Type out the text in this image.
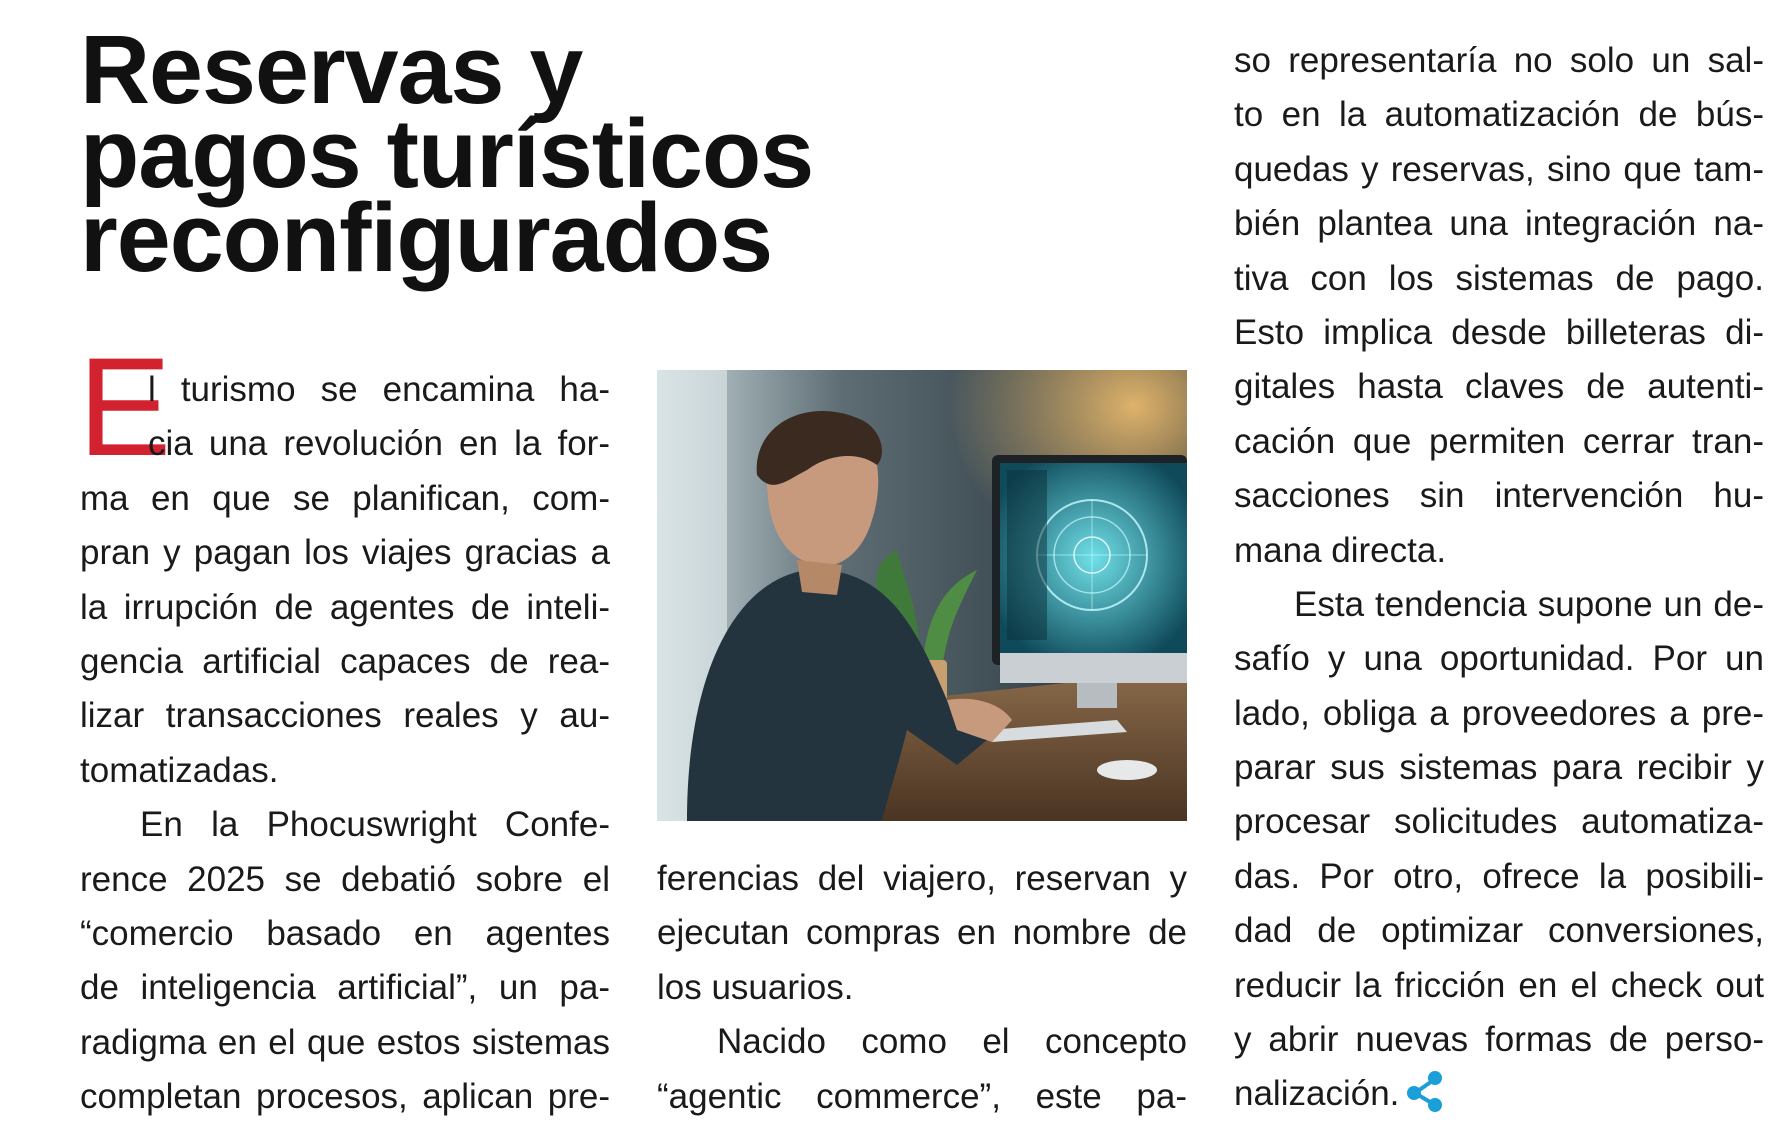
Reservas y
pagos turísticos
reconfigurados
E
l turismo se encamina ha-
cia una revolución en la for-
ma en que se planifican, com-
pran y pagan los viajes gracias a
la irrupción de agentes de inteli-
gencia artificial capaces de rea-
lizar transacciones reales y au-
tomatizadas.
En la Phocuswright Confe-
rence 2025 se debatió sobre el
“comercio basado en agentes
de inteligencia artificial”, un pa-
radigma en el que estos sistemas
completan procesos, aplican pre-
ferencias del viajero, reservan y
ejecutan compras en nombre de
los usuarios.
Nacido como el concepto
“agentic commerce”, este pa-
so representaría no solo un sal-
to en la automatización de bús-
quedas y reservas, sino que tam-
bién plantea una integración na-
tiva con los sistemas de pago.
Esto implica desde billeteras di-
gitales hasta claves de autenti-
cación que permiten cerrar tran-
sacciones sin intervención hu-
mana directa.
Esta tendencia supone un de-
safío y una oportunidad. Por un
lado, obliga a proveedores a pre-
parar sus sistemas para recibir y
procesar solicitudes automatiza-
das. Por otro, ofrece la posibili-
dad de optimizar conversiones,
reducir la fricción en el check out
y abrir nuevas formas de perso-
nalización.
